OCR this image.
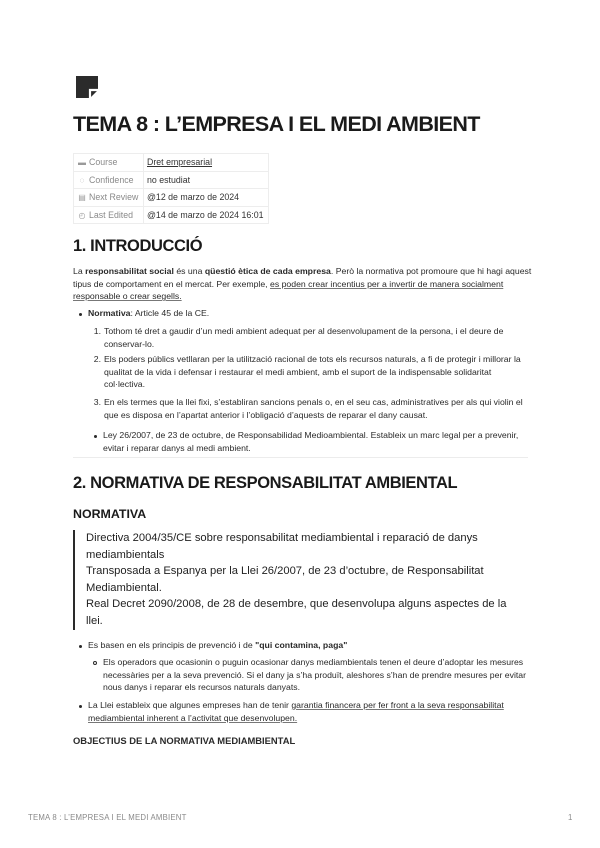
TEMA 8 : L’EMPRESA I EL MEDI AMBIENT
▬ Course	Dret empresarial
◌ Confidence	no estudiat
▤ Next Review	@12 de marzo de 2024
◴ Last Edited	@14 de marzo de 2024 16:01
1. INTRODUCCIÓ
La responsabilitat social és una qüestió ètica de cada empresa. Però la normativa pot promoure que hi hagi aquest tipus de comportament en el mercat. Per exemple, es poden crear incentius per a invertir de manera socialment responsable o crear segells.
Normativa: Article 45 de la CE.
1. Tothom té dret a gaudir d’un medi ambient adequat per al desenvolupament de la persona, i el deure de conservar-lo.
2. Els poders públics vetllaran per la utilització racional de tots els recursos naturals, a fi de protegir i millorar la qualitat de la vida i defensar i restaurar el medi ambient, amb el suport de la indispensable solidaritat col·lectiva.
3. En els termes que la llei fixi, s’establiran sancions penals o, en el seu cas, administratives per als qui violin el que es disposa en l’apartat anterior i l’obligació d’aquests de reparar el dany causat.
Ley 26/2007, de 23 de octubre, de Responsabilidad Medioambiental. Estableix un marc legal per a prevenir, evitar i reparar danys al medi ambient.
2. NORMATIVA DE RESPONSABILITAT AMBIENTAL
NORMATIVA
Directiva 2004/35/CE sobre responsabilitat mediambiental i reparació de danys mediambientals
Transposada a Espanya per la Llei 26/2007, de 23 d’octubre, de Responsabilitat Mediambiental.
Real Decret 2090/2008, de 28 de desembre, que desenvolupa alguns aspectes de la llei.
Es basen en els principis de prevenció i de "qui contamina, paga"
Els operadors que ocasionin o puguin ocasionar danys mediambientals tenen el deure d’adoptar les mesures necessàries per a la seva prevenció. Si el dany ja s’ha produït, aleshores s’han de prendre mesures per evitar nous danys i reparar els recursos naturals danyats.
La Llei estableix que algunes empreses han de tenir garantia financera per fer front a la seva responsabilitat mediambiental inherent a l’activitat que desenvolupen.
OBJECTIUS DE LA NORMATIVA MEDIAMBIENTAL
TEMA 8 : L’EMPRESA I EL MEDI AMBIENT	1
